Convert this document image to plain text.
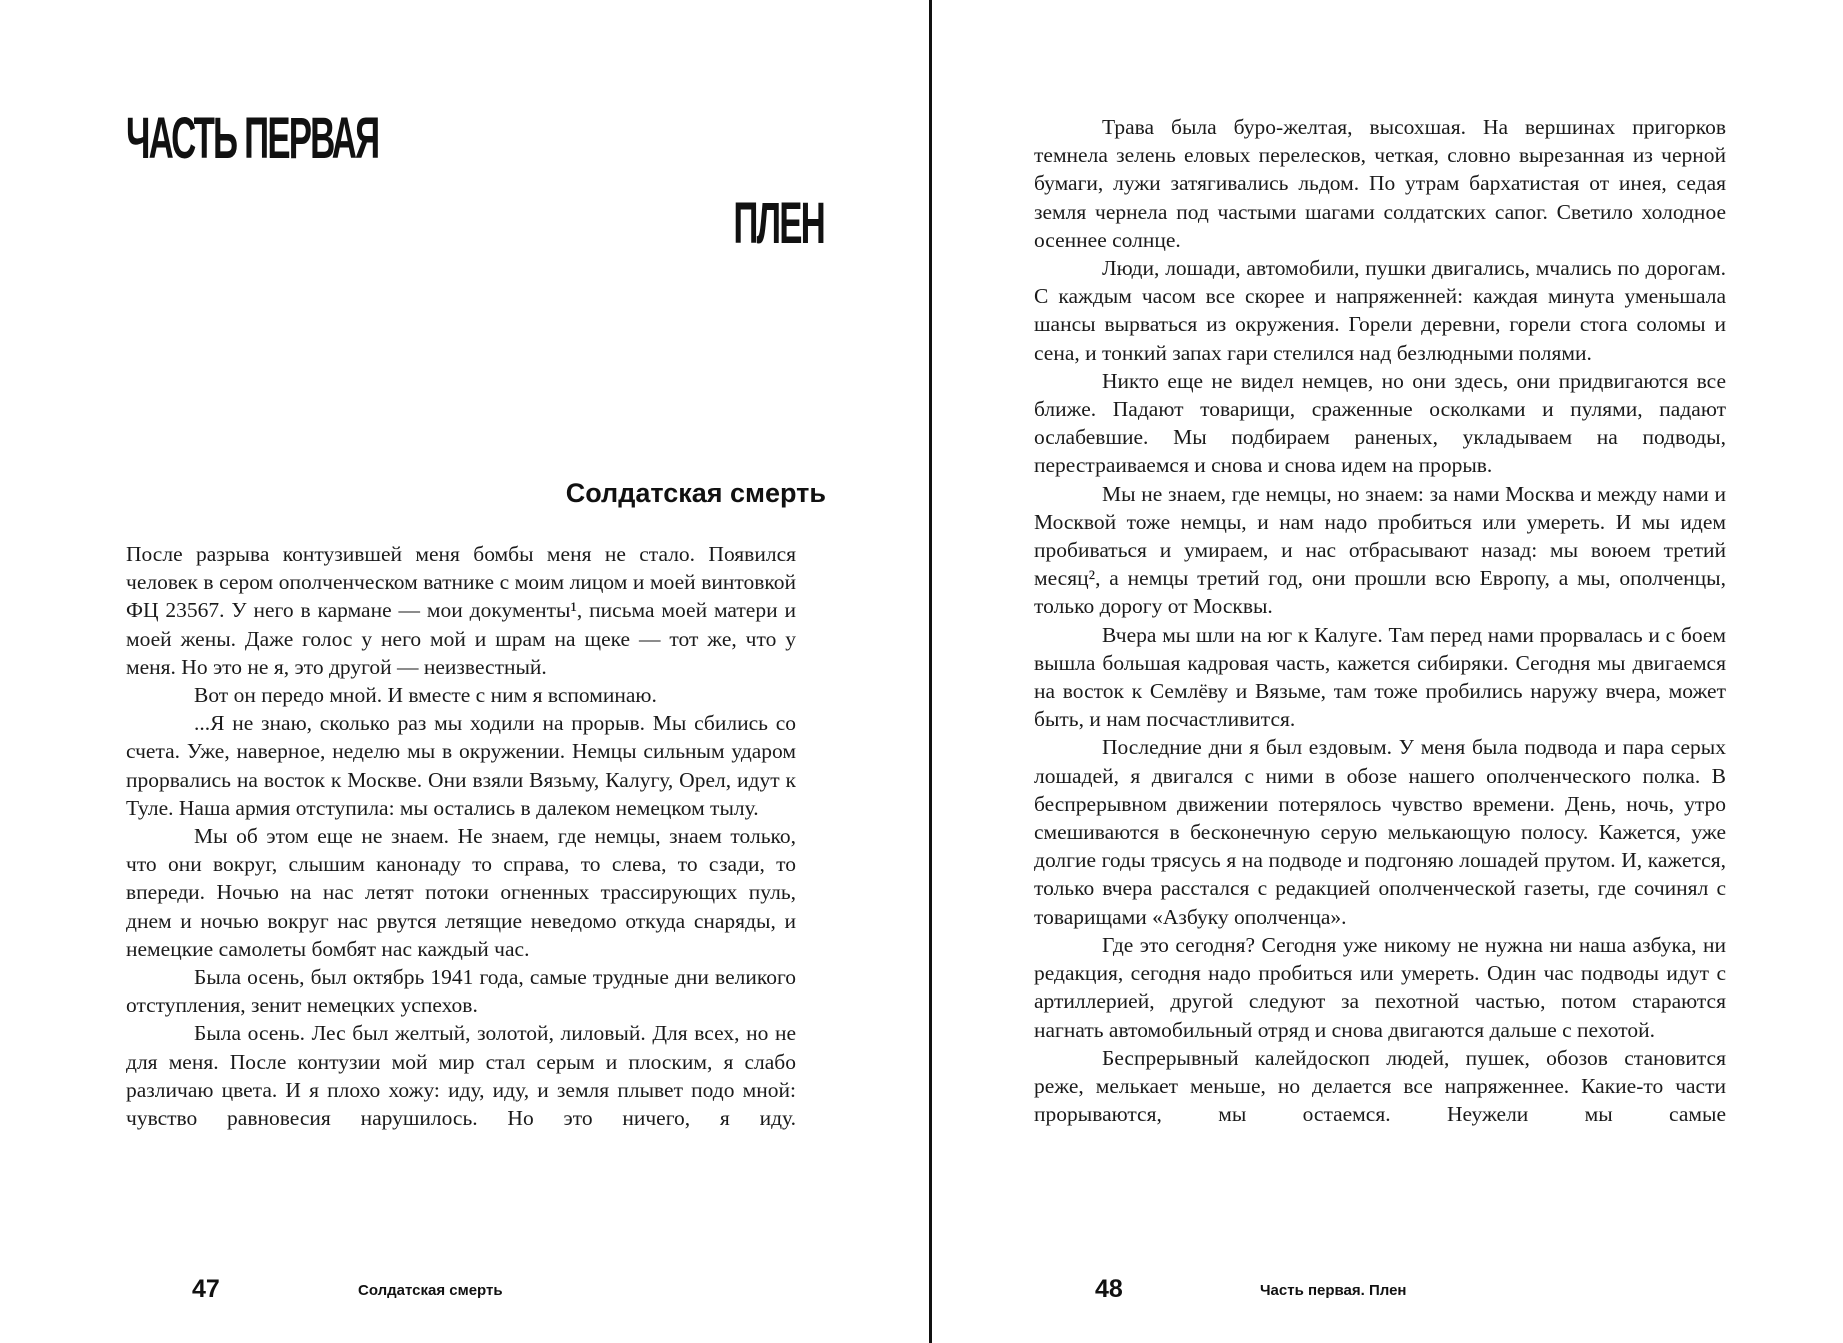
ЧАСТЬ ПЕРВАЯ
ПЛЕН
Солдатская смерть

После разрыва контузившей меня бомбы меня не стало. Появился человек в сером ополченческом ватнике с моим лицом и моей винтовкой ФЦ 23567. У него в кармане — мои документы¹, письма моей матери и моей жены. Даже голос у него мой и шрам на щеке — тот же, что у меня. Но это не я, это другой — неизвестный.

Вот он передо мной. И вместе с ним я вспоминаю.

...Я не знаю, сколько раз мы ходили на прорыв. Мы сбились со счета. Уже, наверное, неделю мы в окружении. Немцы сильным ударом прорвались на восток к Москве. Они взяли Вязьму, Калугу, Орел, идут к Туле. Наша армия отступила: мы остались в далеком немецком тылу.

Мы об этом еще не знаем. Не знаем, где немцы, знаем только, что они вокруг, слышим канонаду то справа, то слева, то сзади, то впереди. Ночью на нас летят потоки огненных трассирующих пуль, днем и ночью вокруг нас рвутся летящие неведомо откуда снаряды, и немецкие самолеты бомбят нас каждый час.

Была осень, был октябрь 1941 года, самые трудные дни великого отступления, зенит немецких успехов.

Была осень. Лес был желтый, золотой, лиловый. Для всех, но не для меня. После контузии мой мир стал серым и плоским, я слабо различаю цвета. И я плохо хожу: иду, иду, и земля плывет подо мной: чувство равновесия нарушилось. Но это ничего, я иду.

47	Солдатская смерть

Трава была буро-желтая, высохшая. На вершинах пригорков темнела зелень еловых перелесков, четкая, словно вырезанная из черной бумаги, лужи затягивались льдом. По утрам бархатистая от инея, седая земля чернела под частыми шагами солдатских сапог. Светило холодное осеннее солнце.

Люди, лошади, автомобили, пушки двигались, мчались по дорогам. С каждым часом все скорее и напряженней: каждая минута уменьшала шансы вырваться из окружения. Горели деревни, горели стога соломы и сена, и тонкий запах гари стелился над безлюдными полями.

Никто еще не видел немцев, но они здесь, они придвигаются все ближе. Падают товарищи, сраженные осколками и пулями, падают ослабевшие. Мы подбираем раненых, укладываем на подводы, перестраиваемся и снова и снова идем на прорыв.

Мы не знаем, где немцы, но знаем: за нами Москва и между нами и Москвой тоже немцы, и нам надо пробиться или умереть. И мы идем пробиваться и умираем, и нас отбрасывают назад: мы воюем третий месяц², а немцы третий год, они прошли всю Европу, а мы, ополченцы, только дорогу от Москвы.

Вчера мы шли на юг к Калуге. Там перед нами прорвалась и с боем вышла большая кадровая часть, кажется сибиряки. Сегодня мы двигаемся на восток к Семлёву и Вязьме, там тоже пробились наружу вчера, может быть, и нам посчастливится.

Последние дни я был ездовым. У меня была подвода и пара серых лошадей, я двигался с ними в обозе нашего ополченческого полка. В беспрерывном движении потерялось чувство времени. День, ночь, утро смешиваются в бесконечную серую мелькающую полосу. Кажется, уже долгие годы трясусь я на подводе и подгоняю лошадей прутом. И, кажется, только вчера расстался с редакцией ополченческой газеты, где сочинял с товарищами «Азбуку ополченца».

Где это сегодня? Сегодня уже никому не нужна ни наша азбука, ни редакция, сегодня надо пробиться или умереть. Один час подводы идут с артиллерией, другой следуют за пехотной частью, потом стараются нагнать автомобильный отряд и снова двигаются дальше с пехотой.

Беспрерывный калейдоскоп людей, пушек, обозов становится реже, мелькает меньше, но делается все напряженнее. Какие-то части прорываются, мы остаемся. Неужели мы самые

48	Часть первая. Плен
